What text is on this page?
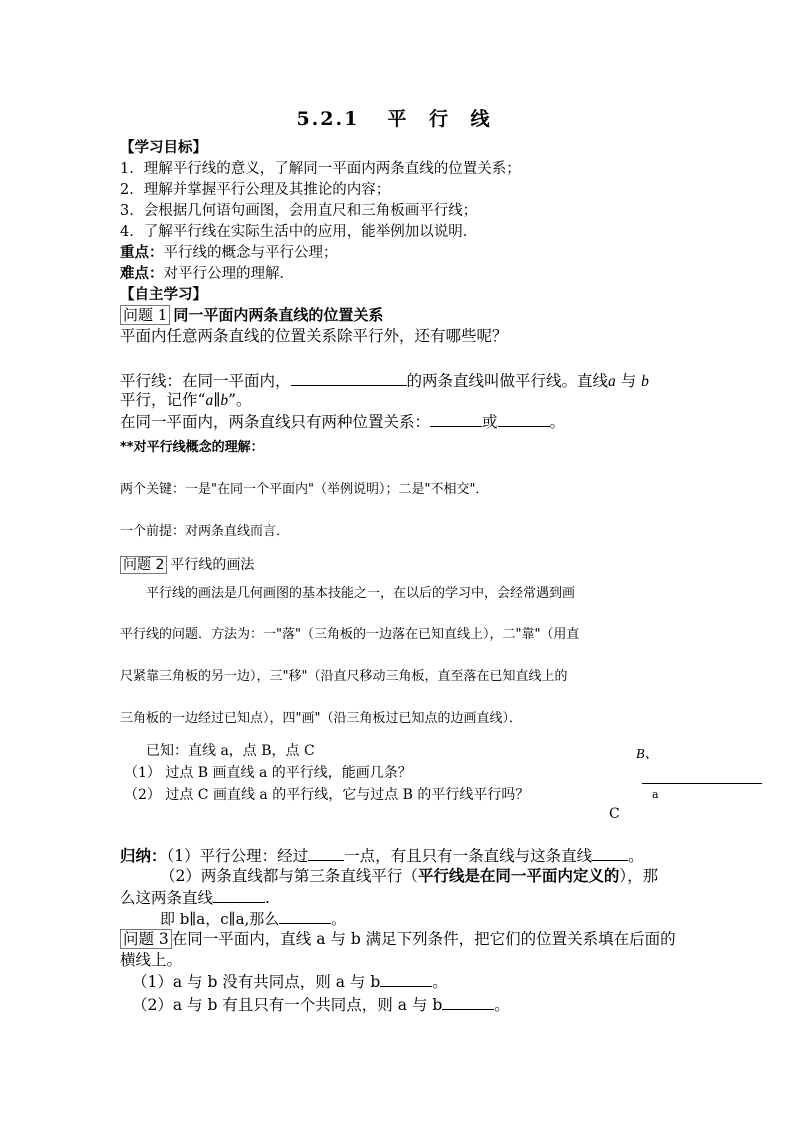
5.2.1 平 行 线
【学习目标】
1．理解平行线的意义，了解同一平面内两条直线的位置关系；
2．理解并掌握平行公理及其推论的内容；
3．会根据几何语句画图，会用直尺和三角板画平行线；
4．了解平行线在实际生活中的应用，能举例加以说明．
重点：平行线的概念与平行公理；
难点：对平行公理的理解．
【自主学习】
问题 1 同一平面内两条直线的位置关系
平面内任意两条直线的位置关系除平行外，还有哪些呢？
平行线：在同一平面内，	的两条直线叫做平行线。直线a 与 b
平行，记作“a∥b”。
在同一平面内，两条直线只有两种位置关系：	或	。
**对平行线概念的理解：
两个关键：一是"在同一个平面内"（举例说明）；二是"不相交"．
一个前提：对两条直线而言．
问题 2 平行线的画法
平行线的画法是几何画图的基本技能之一，在以后的学习中，会经常遇到画
平行线的问题．方法为：一"落"（三角板的一边落在已知直线上），二"靠"（用直
尺紧靠三角板的另一边），三"移"（沿直尺移动三角板，直至落在已知直线上的
三角板的一边经过已知点），四"画"（沿三角板过已知点的边画直线）．
已知：直线 a，点 B，点 C
（1） 过点 B 画直线 a 的平行线，能画几条？
（2） 过点 C 画直线 a 的平行线，它与过点 B 的平行线平行吗？
B、
a
C
归纳：（1）平行公理：经过 一点，有且只有一条直线与这条直线 。
（2）两条直线都与第三条直线平行（平行线是在同一平面内定义的），那
么这两条直线	.
即 b∥a，c∥a,那么	。
问题 3 在同一平面内，直线 a 与 b 满足下列条件，把它们的位置关系填在后面的
横线上。
（1）a 与 b 没有共同点，则 a 与 b	。
（2）a 与 b 有且只有一个共同点，则 a 与 b	。
